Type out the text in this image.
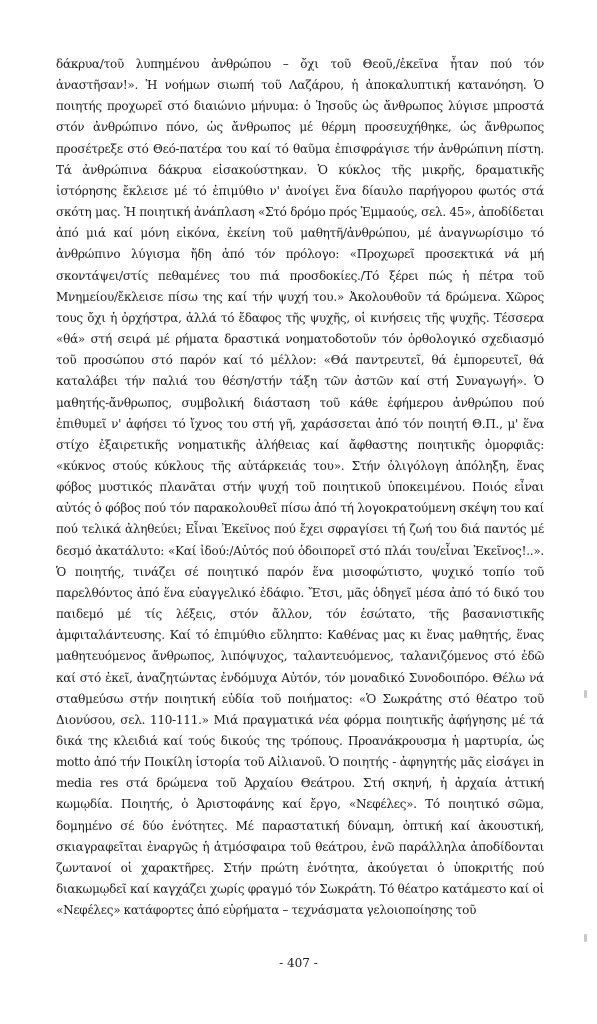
δάκρυα/τοῦ λυπημένου ἀνθρώπου – ὄχι τοῦ Θεοῦ,/ἐκεῖνα ἦταν πού τόν ἀναστῆσαν!». Ἡ νοήμων σιωπή τοῦ Λαζάρου, ἡ ἀποκαλυπτική κατανόηση. Ὁ ποιητής προχωρεῖ στό διαιώνιο μήνυμα: ὁ Ἰησοῦς ὡς ἄνθρωπος λύγισε μπροστά στόν ἀνθρώπινο πόνο, ὡς ἄνθρωπος μέ θέρμη προσευχήθηκε, ὡς ἄνθρωπος προσέτρεξε στό Θεό-πατέρα του καί τό θαῦμα ἐπισφράγισε τήν ἀνθρώπινη πίστη. Τά ἀνθρώπινα δάκρυα εἰσακούστηκαν. Ὁ κύκλος τῆς μικρῆς, δραματικῆς ἱστόρησης ἔκλεισε μέ τό ἐπιμύθιο ν' ἀνοίγει ἕνα δίαυλο παρήγορου φωτός στά σκότη μας. Ἡ ποιητική ἀνάπλαση «Στό δρόμο πρός Ἐμμαούς, σελ. 45», ἀποδίδεται ἀπό μιά καί μόνη εἰκόνα, ἐκείνη τοῦ μαθητῆ/ἀνθρώπου, μέ ἀναγνωρίσιμο τό ἀνθρώπινο λύγισμα ἤδη ἀπό τόν πρόλογο: «Προχωρεῖ προσεκτικά νά μή σκοντάψει/στίς πεθαμένες του πιά προσδοκίες./Τό ξέρει πώς ἡ πέτρα τοῦ Μνημείου/ἔκλεισε πίσω της καί τήν ψυχή του.» Ἀκολουθοῦν τά δρώμενα. Χῶρος τους ὄχι ἡ ὀρχήστρα, ἀλλά τό ἔδαφος τῆς ψυχῆς, οἱ κινήσεις τῆς ψυχῆς. Τέσσερα «θά» στή σειρά μέ ρήματα δραστικά νοηματοδοτοῦν τόν ὀρθολογικό σχεδιασμό τοῦ προσώπου στό παρόν καί τό μέλλον: «Θά παντρευτεῖ, θά ἐμπορευτεῖ, θά καταλάβει τήν παλιά του θέση/στήν τάξη τῶν ἀστῶν καί στή Συναγωγή». Ὁ μαθητής-ἄνθρωπος, συμβολική διάσταση τοῦ κάθε ἐφήμερου ἀνθρώπου πού ἐπιθυμεῖ ν' ἀφήσει τό ἴχνος του στή γῆ, χαράσσεται ἀπό τόν ποιητή Θ.Π., μ' ἕνα στίχο ἐξαιρετικῆς νοηματικῆς ἀλήθειας καί ἄφθαστης ποιητικῆς ὀμορφιᾶς: «κύκνος στούς κύκλους τῆς αὐτάρκειάς του». Στήν ὀλιγόλογη ἀπόληξη, ἕνας φόβος μυστικός πλανᾶται στήν ψυχή τοῦ ποιητικοῦ ὑποκειμένου. Ποιός εἶναι αὐτός ὁ φόβος πού τόν παρακολουθεῖ πίσω ἀπό τή λογοκρατούμενη σκέψη του καί πού τελικά ἀληθεύει; Εἶναι Ἐκεῖνος πού ἔχει σφραγίσει τή ζωή του διά παντός μέ δεσμό ἀκατάλυτο: «Καί ἰδού:/Αὐτός πού ὁδοιπορεῖ στό πλάι του/εἶναι Ἐκεῖνος!..». Ὁ ποιητής, τινάζει σέ ποιητικό παρόν ἕνα μισοφώτιστο, ψυχικό τοπίο τοῦ παρελθόντος ἀπό ἕνα εὐαγγελικό ἐδάφιο. Ἔτσι, μᾶς ὁδηγεῖ μέσα ἀπό τό δικό του παιδεμό μέ τίς λέξεις, στόν ἄλλον, τόν ἐσώτατο, τῆς βασανιστικῆς ἀμφιταλάντευσης. Καί τό ἐπιμύθιο εὔληπτο: Καθένας μας κι ἕνας μαθητής, ἕνας μαθητευόμενος ἄνθρωπος, λιπόψυχος, ταλαντευόμενος, ταλανιζόμενος στό ἐδῶ καί στό ἐκεῖ, ἀναζητώντας ἐνδόμυχα Αὐτόν, τόν μοναδικό Συνοδοιπόρο. Θέλω νά σταθμεύσω στήν ποιητική εὐδία τοῦ ποιήματος: «Ὁ Σωκράτης στό θέατρο τοῦ Διονύσου, σελ. 110-111.» Μιά πραγματικά νέα φόρμα ποιητικῆς ἀφήγησης μέ τά δικά της κλειδιά καί τούς δικούς της τρόπους. Προανάκρουσμα ἡ μαρτυρία, ὡς motto ἀπό τήν Ποικίλη ἱστορία τοῦ Αἰλιανοῦ. Ὁ ποιητής - ἀφηγητής μᾶς εἰσάγει in media res στά δρώμενα τοῦ Ἀρχαίου Θεάτρου. Στή σκηνή, ἡ ἀρχαία ἀττική κωμῳδία. Ποιητής, ὁ Ἀριστοφάνης καί ἔργο, «Νεφέλες». Τό ποιητικό σῶμα, δομημένο σέ δύο ἑνότητες. Μέ παραστατική δύναμη, ὀπτική καί ἀκουστική, σκιαγραφεῖται ἐναργῶς ἡ ἀτμόσφαιρα τοῦ θεάτρου, ἐνῶ παράλληλα ἀποδίδονται ζωντανοί οἱ χαρακτῆρες. Στήν πρώτη ἑνότητα, ἀκούγεται ὁ ὑποκριτής πού διακωμῳδεῖ καί καγχάζει χωρίς φραγμό τόν Σωκράτη. Τό θέατρο κατάμεστο καί οἱ «Νεφέλες» κατάφορτες ἀπό εὑρήματα – τεχνάσματα γελοιοποίησης τοῦ

- 407 -
